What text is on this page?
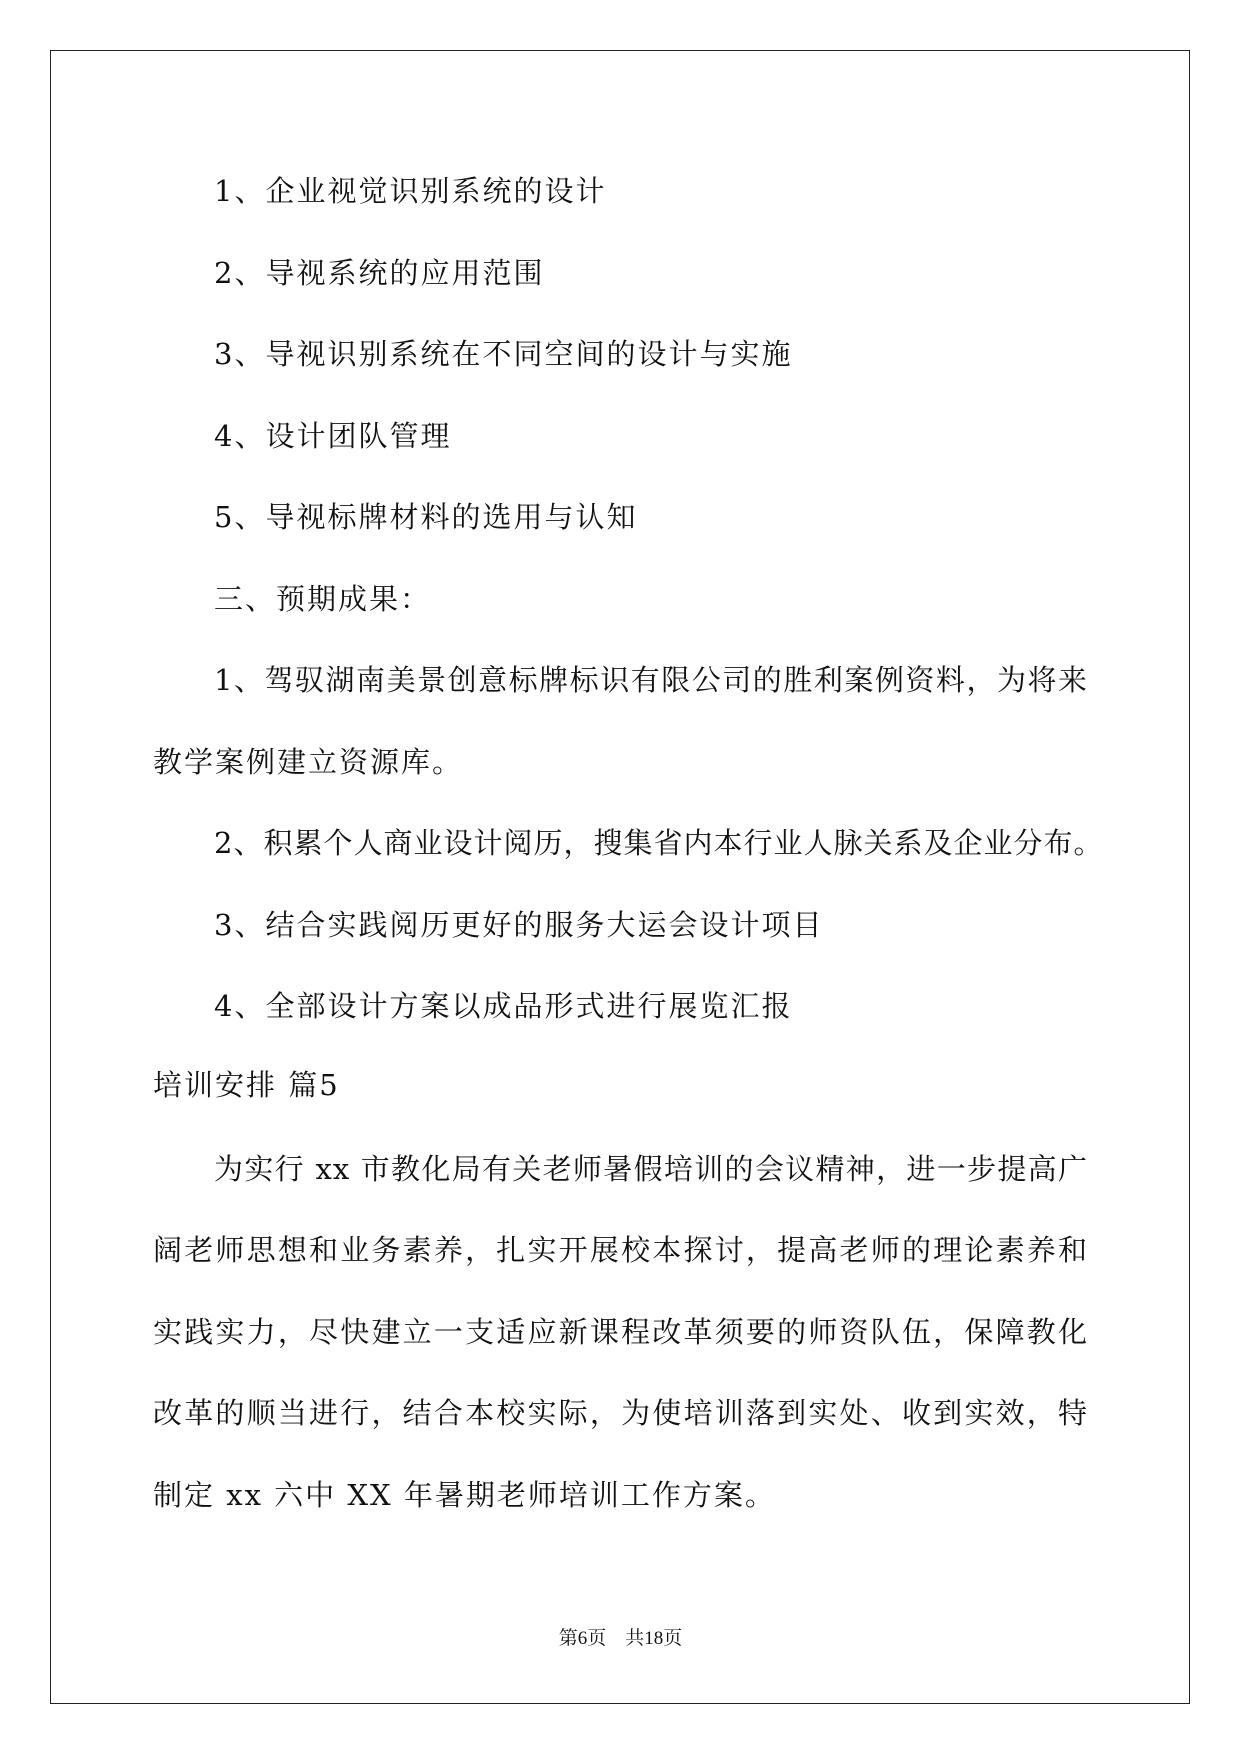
1、企业视觉识别系统的设计
2、导视系统的应用范围
3、导视识别系统在不同空间的设计与实施
4、设计团队管理
5、导视标牌材料的选用与认知
三、预期成果：
1、驾驭湖南美景创意标牌标识有限公司的胜利案例资料，为将来
教学案例建立资源库。
2、积累个人商业设计阅历，搜集省内本行业人脉关系及企业分布。
3、结合实践阅历更好的服务大运会设计项目
4、全部设计方案以成品形式进行展览汇报
培训安排 篇5
为实行 xx 市教化局有关老师暑假培训的会议精神，进一步提高广
阔老师思想和业务素养，扎实开展校本探讨，提高老师的理论素养和
实践实力，尽快建立一支适应新课程改革须要的师资队伍，保障教化
改革的顺当进行，结合本校实际，为使培训落到实处、收到实效，特
制定 xx 六中 XX 年暑期老师培训工作方案。
第6页　共18页
